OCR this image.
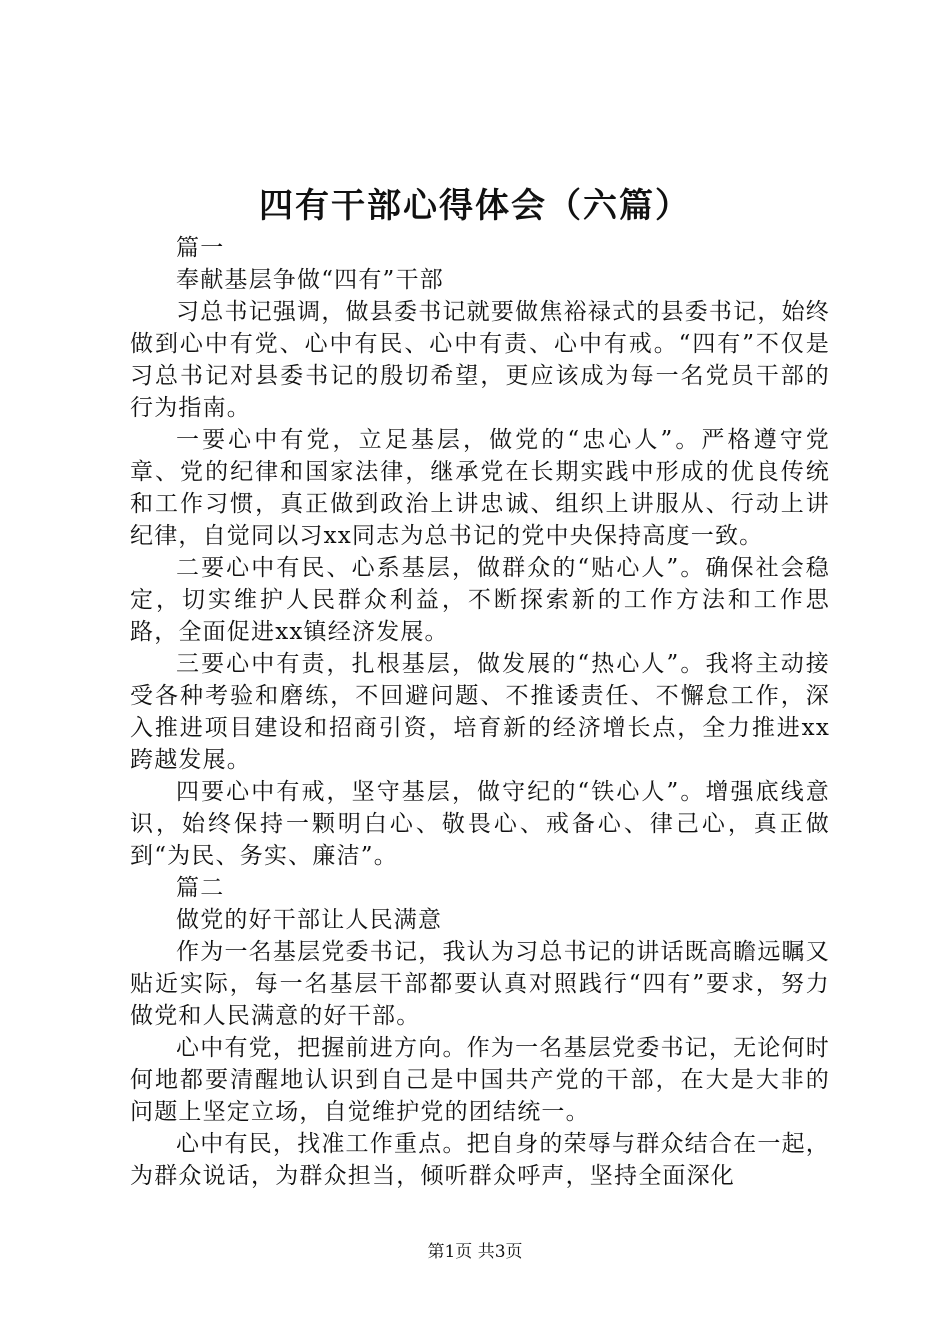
四有干部心得体会（六篇）

篇一

奉献基层争做“四有”干部

习总书记强调，做县委书记就要做焦裕禄式的县委书记，始终做到心中有党、心中有民、心中有责、心中有戒。“四有”不仅是习总书记对县委书记的殷切希望，更应该成为每一名党员干部的行为指南。

一要心中有党，立足基层，做党的“忠心人”。严格遵守党章、党的纪律和国家法律，继承党在长期实践中形成的优良传统和工作习惯，真正做到政治上讲忠诚、组织上讲服从、行动上讲纪律，自觉同以习xx同志为总书记的党中央保持高度一致。

二要心中有民、心系基层，做群众的“贴心人”。确保社会稳定，切实维护人民群众利益，不断探索新的工作方法和工作思路，全面促进xx镇经济发展。

三要心中有责，扎根基层，做发展的“热心人”。我将主动接受各种考验和磨练，不回避问题、不推诿责任、不懈怠工作，深入推进项目建设和招商引资，培育新的经济增长点，全力推进xx跨越发展。

四要心中有戒，坚守基层，做守纪的“铁心人”。增强底线意识，始终保持一颗明白心、敬畏心、戒备心、律己心，真正做到“为民、务实、廉洁”。

篇二

做党的好干部让人民满意

作为一名基层党委书记，我认为习总书记的讲话既高瞻远瞩又贴近实际，每一名基层干部都要认真对照践行“四有”要求，努力做党和人民满意的好干部。

心中有党，把握前进方向。作为一名基层党委书记，无论何时何地都要清醒地认识到自己是中国共产党的干部，在大是大非的问题上坚定立场，自觉维护党的团结统一。

心中有民，找准工作重点。把自身的荣辱与群众结合在一起，为群众说话，为群众担当，倾听群众呼声，坚持全面深化

第1页 共3页
